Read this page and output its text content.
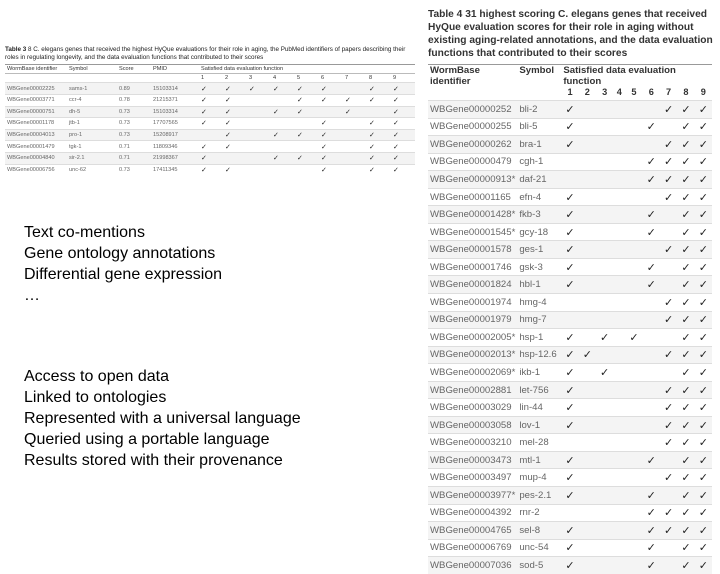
Table 3 8 C. elegans genes that received the highest HyQue evaluations for their role in aging, the PubMed identifiers of papers describing their roles in regulating longevity, and the data evaluation functions that contributed to their scores
WormBase identifier	Symbol	Score	PMID	Satisfied data evaluation function								
				1	2	3	4	5	6	7	8	9
WBGene00002225	sams-1	0.89	15103314	✓	✓	✓	✓	✓	✓		✓	✓
WBGene00003771	ccr-4	0.78	21215371	✓	✓			✓	✓	✓	✓	✓
WBGene00000751	dh-5	0.73	15103314	✓	✓		✓	✓		✓		✓
WBGene00001178	jtb-1	0.73	17707565	✓	✓				✓		✓	✓
WBGene00004013	pro-1	0.73	15208917		✓		✓	✓	✓		✓	✓
WBGene00001479	tgk-1	0.71	11809346	✓	✓				✓		✓	✓
WBGene00004840	sir-2.1	0.71	21998367	✓			✓	✓	✓		✓	✓
WBGene00006756	unc-62	0.73	17411345	✓	✓				✓		✓	✓
Text co-mentions
Gene ontology annotations
Differential gene expression
…
Access to open data
Linked to ontologies
Represented with a universal language
Queried using a portable language
Results stored with their provenance
Table 4 31 highest scoring C. elegans genes that received HyQue evaluation scores for their role in aging without existing aging-related annotations, and the data evaluation functions that contributed to their scores
WormBase identifier	Symbol	Satisfied data evaluation function								
		1	2	3	4	5	6	7	8	9
WBGene00000252	bli-2	✓						✓	✓	✓
WBGene00000255	bli-5	✓					✓		✓	✓
WBGene00000262	bra-1	✓						✓	✓	✓
WBGene00000479	cgh-1						✓	✓	✓	✓
WBGene00000913*	daf-21						✓	✓	✓	✓
WBGene00001165	efn-4	✓						✓	✓	✓
WBGene00001428*	fkb-3	✓					✓		✓	✓
WBGene00001545*	gcy-18	✓					✓		✓	✓
WBGene00001578	ges-1	✓						✓	✓	✓
WBGene00001746	gsk-3	✓					✓		✓	✓
WBGene00001824	hbl-1	✓					✓		✓	✓
WBGene00001974	hmg-4							✓	✓	✓
WBGene00001979	hmg-7							✓	✓	✓
WBGene00002005*	hsp-1	✓		✓		✓			✓	✓
WBGene00002013*	hsp-12.6	✓	✓					✓	✓	✓
WBGene00002069*	ikb-1	✓		✓					✓	✓
WBGene00002881	let-756	✓						✓	✓	✓
WBGene00003029	lin-44	✓						✓	✓	✓
WBGene00003058	lov-1	✓						✓	✓	✓
WBGene00003210	mel-28							✓	✓	✓
WBGene00003473	mtl-1	✓					✓		✓	✓
WBGene00003497	mup-4	✓						✓	✓	✓
WBGene00003977*	pes-2.1	✓					✓		✓	✓
WBGene00004392	rnr-2						✓	✓	✓	✓
WBGene00004765	sel-8	✓					✓	✓	✓	✓
WBGene00006769	unc-54	✓					✓		✓	✓
WBGene00007036	sod-5	✓					✓		✓	✓
